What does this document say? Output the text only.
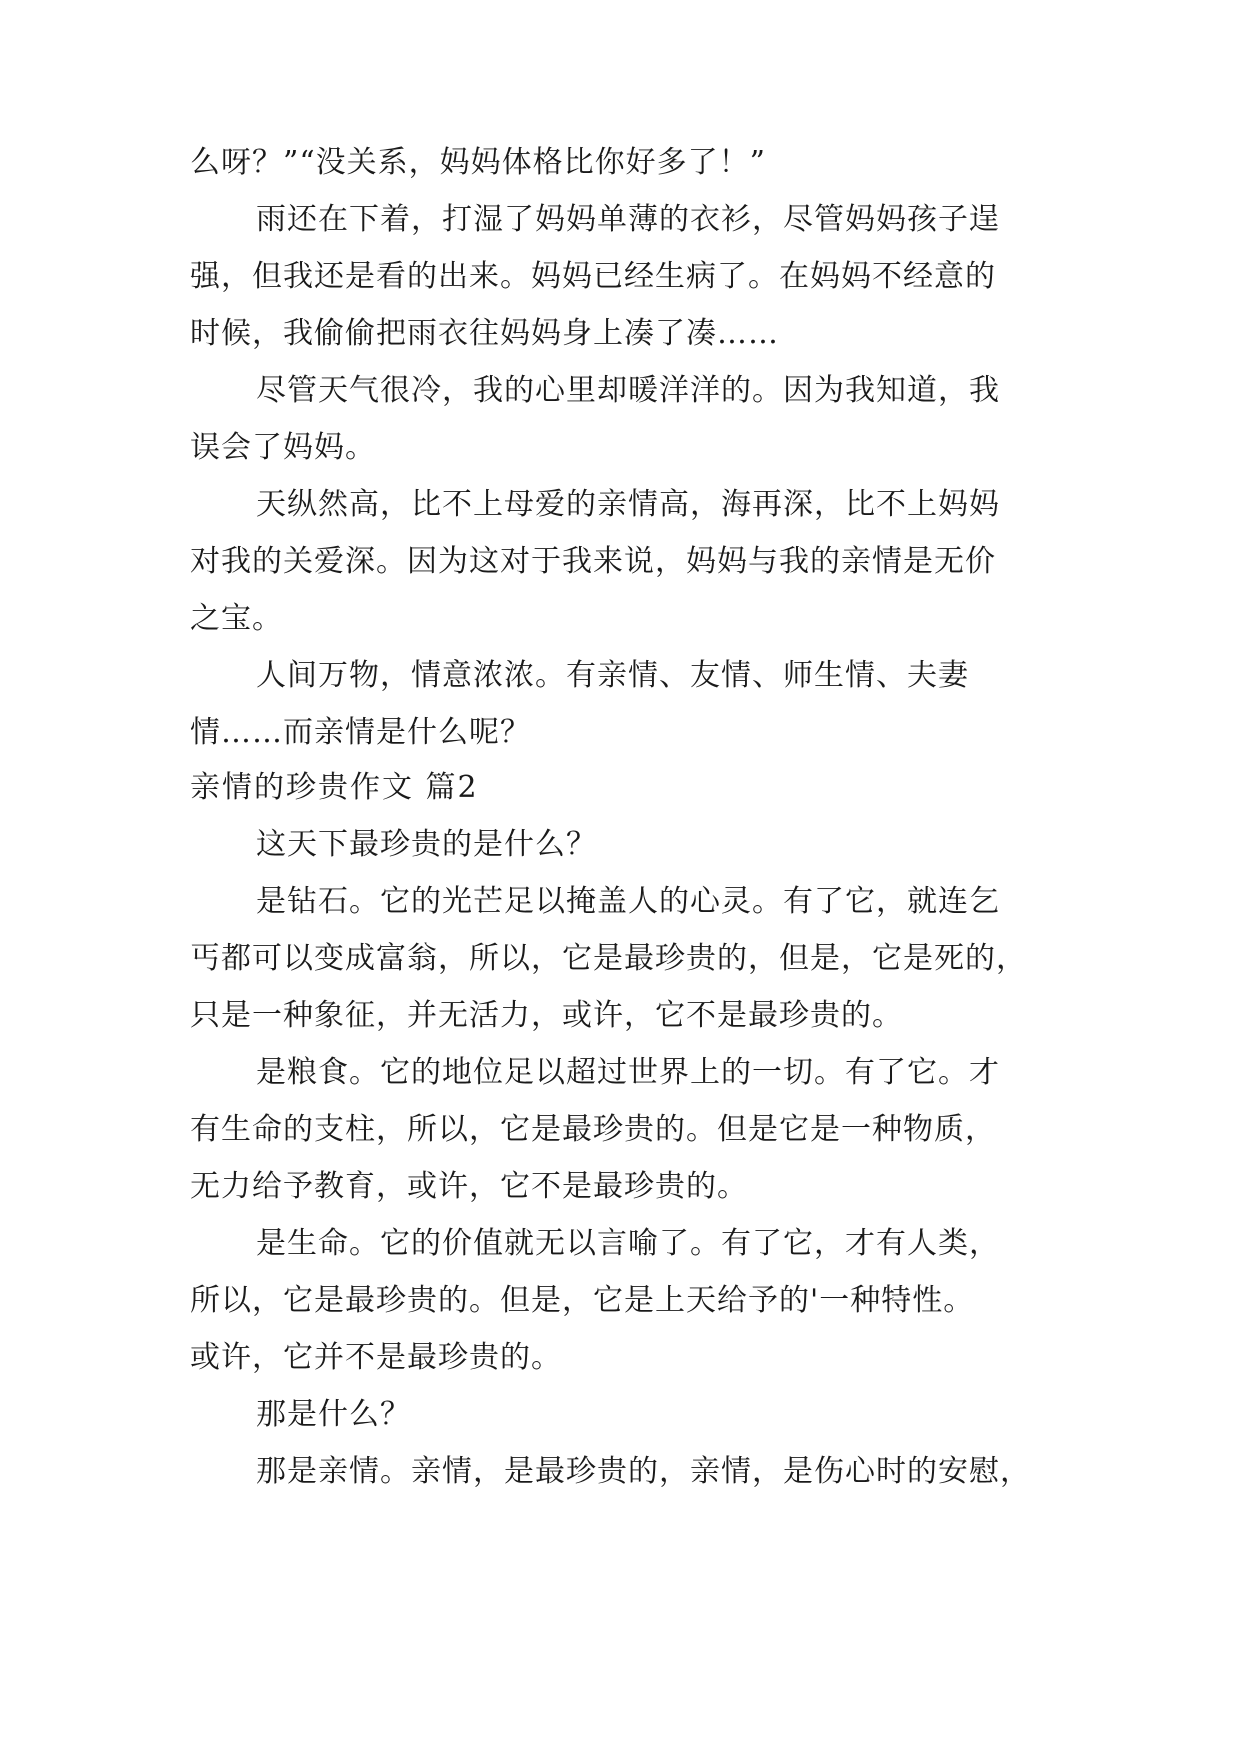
么呀？”“没关系，妈妈体格比你好多了！”
雨还在下着，打湿了妈妈单薄的衣衫，尽管妈妈孩子逞
强，但我还是看的出来。妈妈已经生病了。在妈妈不经意的
时候，我偷偷把雨衣往妈妈身上凑了凑……
尽管天气很冷，我的心里却暖洋洋的。因为我知道，我
误会了妈妈。
天纵然高，比不上母爱的亲情高，海再深，比不上妈妈
对我的关爱深。因为这对于我来说，妈妈与我的亲情是无价
之宝。
人间万物，情意浓浓。有亲情、友情、师生情、夫妻
情……而亲情是什么呢？
亲情的珍贵作文 篇2
这天下最珍贵的是什么？
是钻石。它的光芒足以掩盖人的心灵。有了它，就连乞
丐都可以变成富翁，所以，它是最珍贵的，但是，它是死的，
只是一种象征，并无活力，或许，它不是最珍贵的。
是粮食。它的地位足以超过世界上的一切。有了它。才
有生命的支柱，所以，它是最珍贵的。但是它是一种物质，
无力给予教育，或许，它不是最珍贵的。
是生命。它的价值就无以言喻了。有了它，才有人类，
所以，它是最珍贵的。但是，它是上天给予的'一种特性。
或许，它并不是最珍贵的。
那是什么？
那是亲情。亲情，是最珍贵的，亲情，是伤心时的安慰，
